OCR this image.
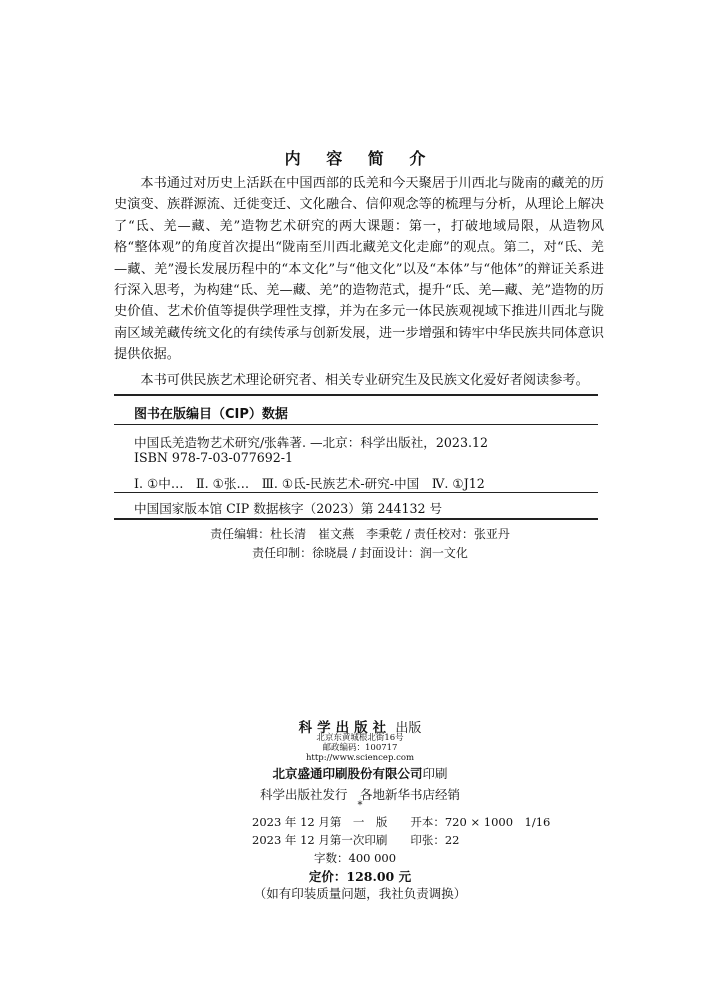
内 容 简 介

本书通过对历史上活跃在中国西部的氐羌和今天聚居于川西北与陇南的藏羌的历史演变、族群源流、迁徙变迁、文化融合、信仰观念等的梳理与分析，从理论上解决了“氐、羌—藏、羌”造物艺术研究的两大课题：第一，打破地域局限，从造物风格“整体观”的角度首次提出“陇南至川西北藏羌文化走廊”的观点。第二，对“氐、羌—藏、羌”漫长发展历程中的“本文化”与“他文化”以及“本体”与“他体”的辩证关系进行深入思考，为构建“氐、羌—藏、羌”的造物范式，提升“氐、羌—藏、羌”造物的历史价值、艺术价值等提供学理性支撑，并为在多元一体民族观视域下推进川西北与陇南区域羌藏传统文化的有续传承与创新发展，进一步增强和铸牢中华民族共同体意识提供依据。

本书可供民族艺术理论研究者、相关专业研究生及民族文化爱好者阅读参考。

图书在版编目（CIP）数据
中国氐羌造物艺术研究/张犇著. —北京：科学出版社，2023.12
ISBN 978-7-03-077692-1
Ⅰ. ①中…　Ⅱ. ①张…　Ⅲ. ①氐-民族艺术-研究-中国　Ⅳ. ①J12
中国国家版本馆 CIP 数据核字（2023）第 244132 号
责任编辑：杜长清　崔文燕　李秉乾 / 责任校对：张亚丹
责任印制：徐晓晨 / 封面设计：润一文化
科学出版社 出版
北京东黄城根北街16号
邮政编码：100717
http://www.sciencep.com
北京盛通印刷股份有限公司印刷
科学出版社发行　各地新华书店经销
*
2023 年 12 月第　一　版　　开本：720 × 1000　1/16
2023 年 12 月第一次印刷　　印张：22
字数：400 000
定价：128.00 元
（如有印装质量问题，我社负责调换）
